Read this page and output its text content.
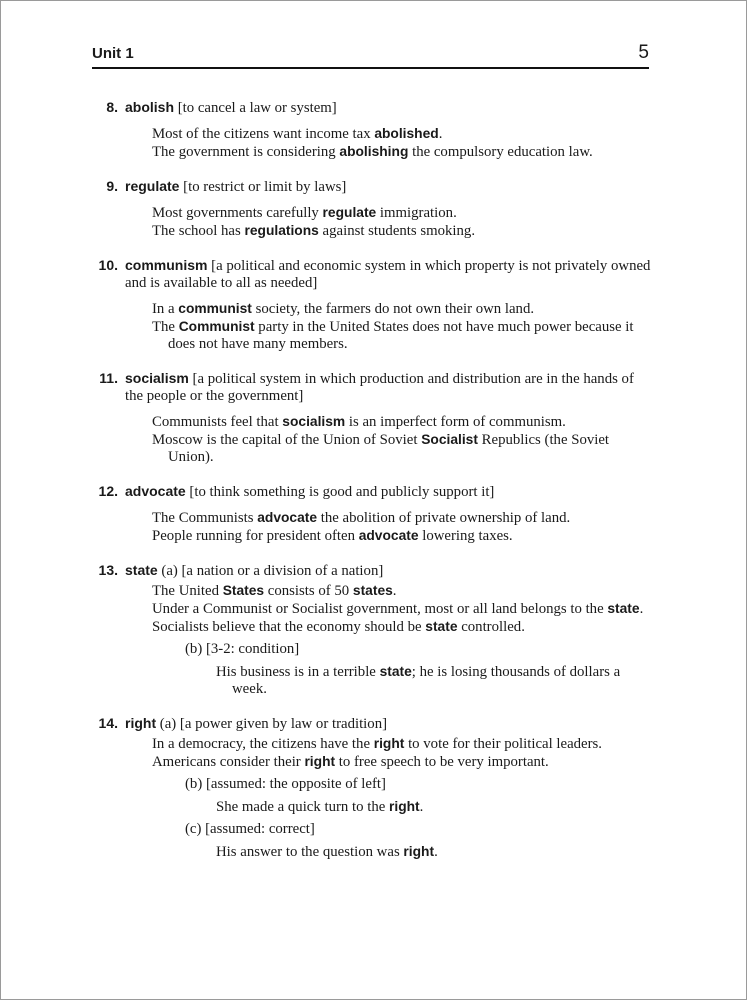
Unit 1	5
8. abolish [to cancel a law or system]
Most of the citizens want income tax abolished.
The government is considering abolishing the compulsory education law.
9. regulate [to restrict or limit by laws]
Most governments carefully regulate immigration.
The school has regulations against students smoking.
10. communism [a political and economic system in which property is not privately owned and is available to all as needed]
In a communist society, the farmers do not own their own land.
The Communist party in the United States does not have much power because it does not have many members.
11. socialism [a political system in which production and distribution are in the hands of the people or the government]
Communists feel that socialism is an imperfect form of communism.
Moscow is the capital of the Union of Soviet Socialist Republics (the Soviet Union).
12. advocate [to think something is good and publicly support it]
The Communists advocate the abolition of private ownership of land.
People running for president often advocate lowering taxes.
13. state (a) [a nation or a division of a nation]
The United States consists of 50 states.
Under a Communist or Socialist government, most or all land belongs to the state.
Socialists believe that the economy should be state controlled.
(b) [3-2: condition]
His business is in a terrible state; he is losing thousands of dollars a week.
14. right (a) [a power given by law or tradition]
In a democracy, the citizens have the right to vote for their political leaders.
Americans consider their right to free speech to be very important.
(b) [assumed: the opposite of left]
She made a quick turn to the right.
(c) [assumed: correct]
His answer to the question was right.
